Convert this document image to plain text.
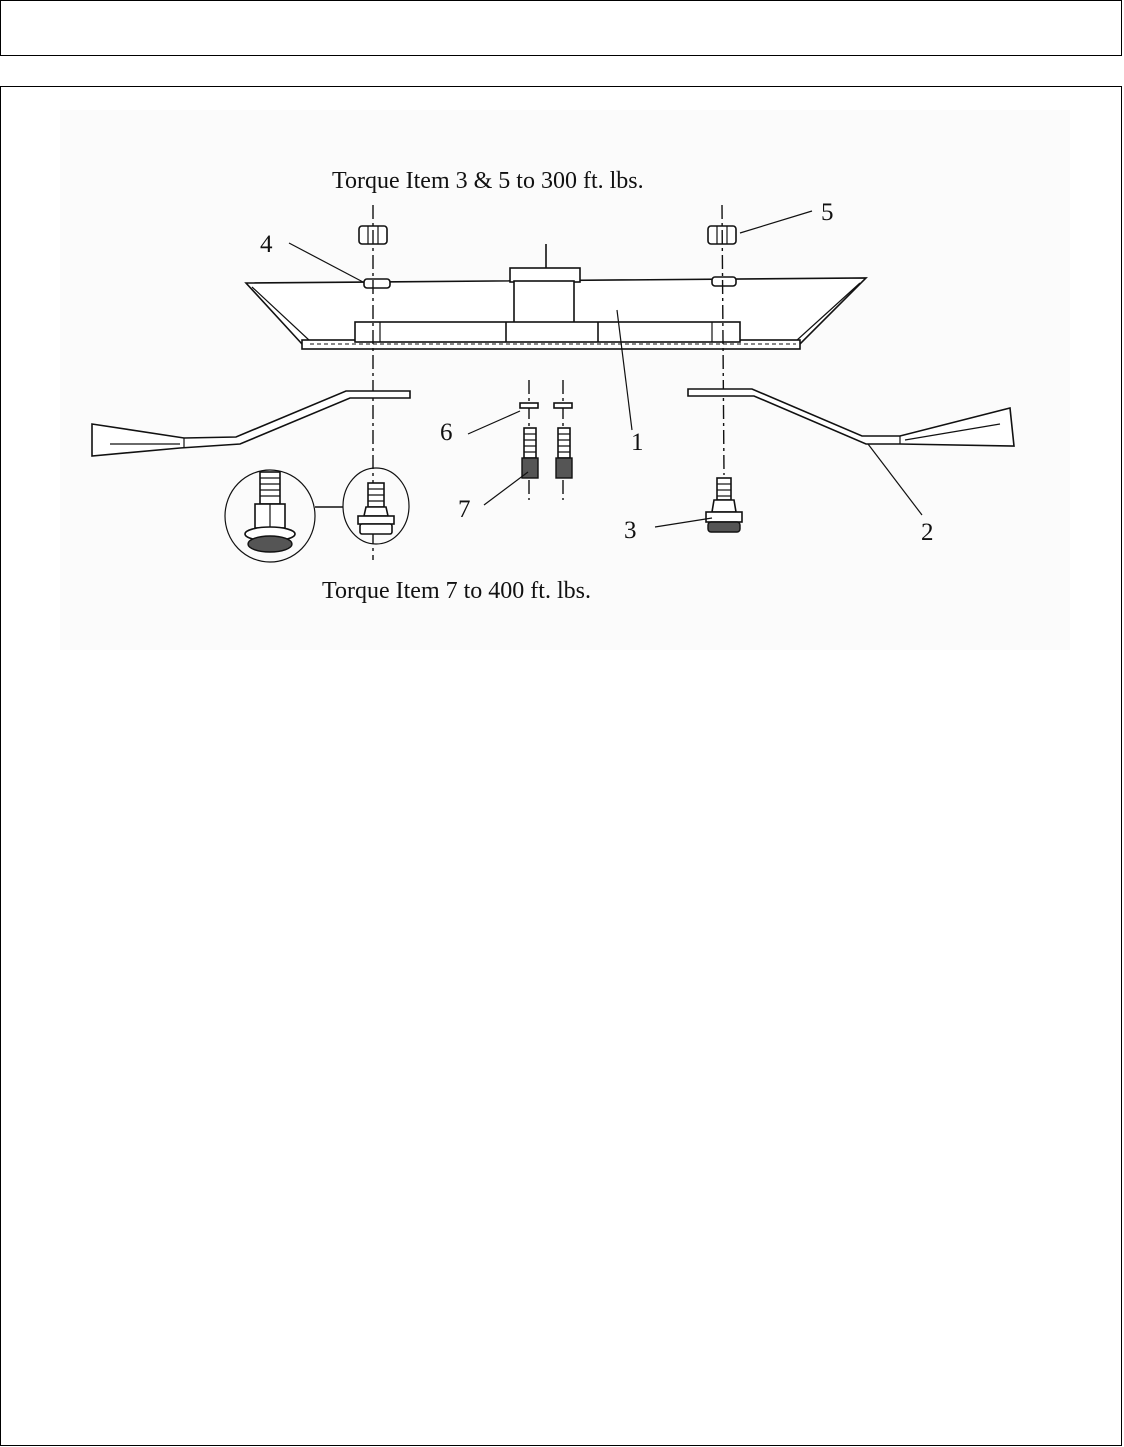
Torque Item 3 & 5 to 300 ft. lbs.
Torque Item 7 to 400 ft. lbs.
4
5
1
6
7
3	2
